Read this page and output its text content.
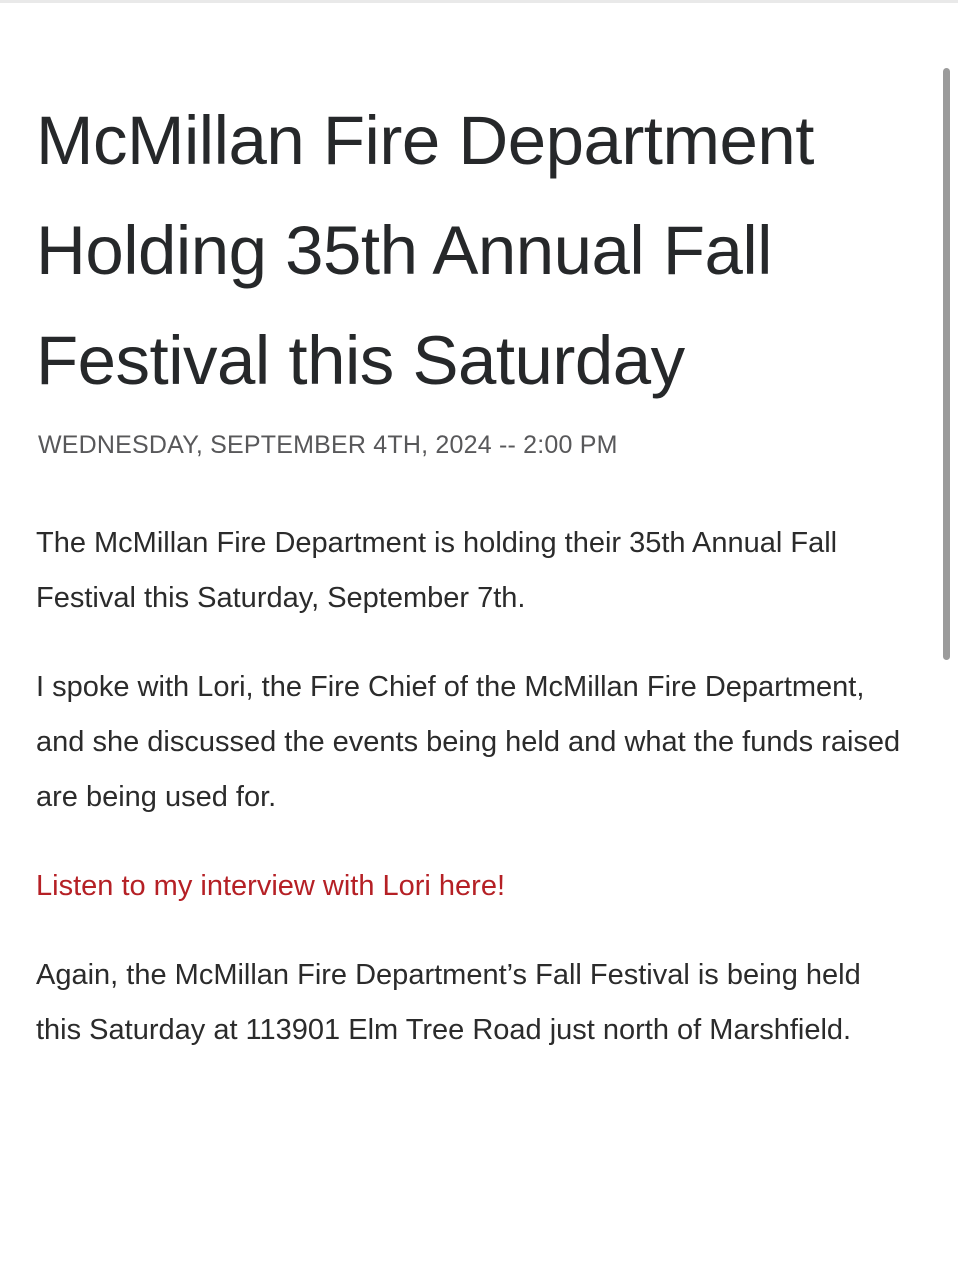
McMillan Fire Department Holding 35th Annual Fall Festival this Saturday
WEDNESDAY, SEPTEMBER 4TH, 2024 -- 2:00 PM

The McMillan Fire Department is holding their 35th Annual Fall Festival this Saturday, September 7th.

I spoke with Lori, the Fire Chief of the McMillan Fire Department, and she discussed the events being held and what the funds raised are being used for.

Listen to my interview with Lori here!

Again, the McMillan Fire Department’s Fall Festival is being held this Saturday at 113901 Elm Tree Road just north of Marshfield.
